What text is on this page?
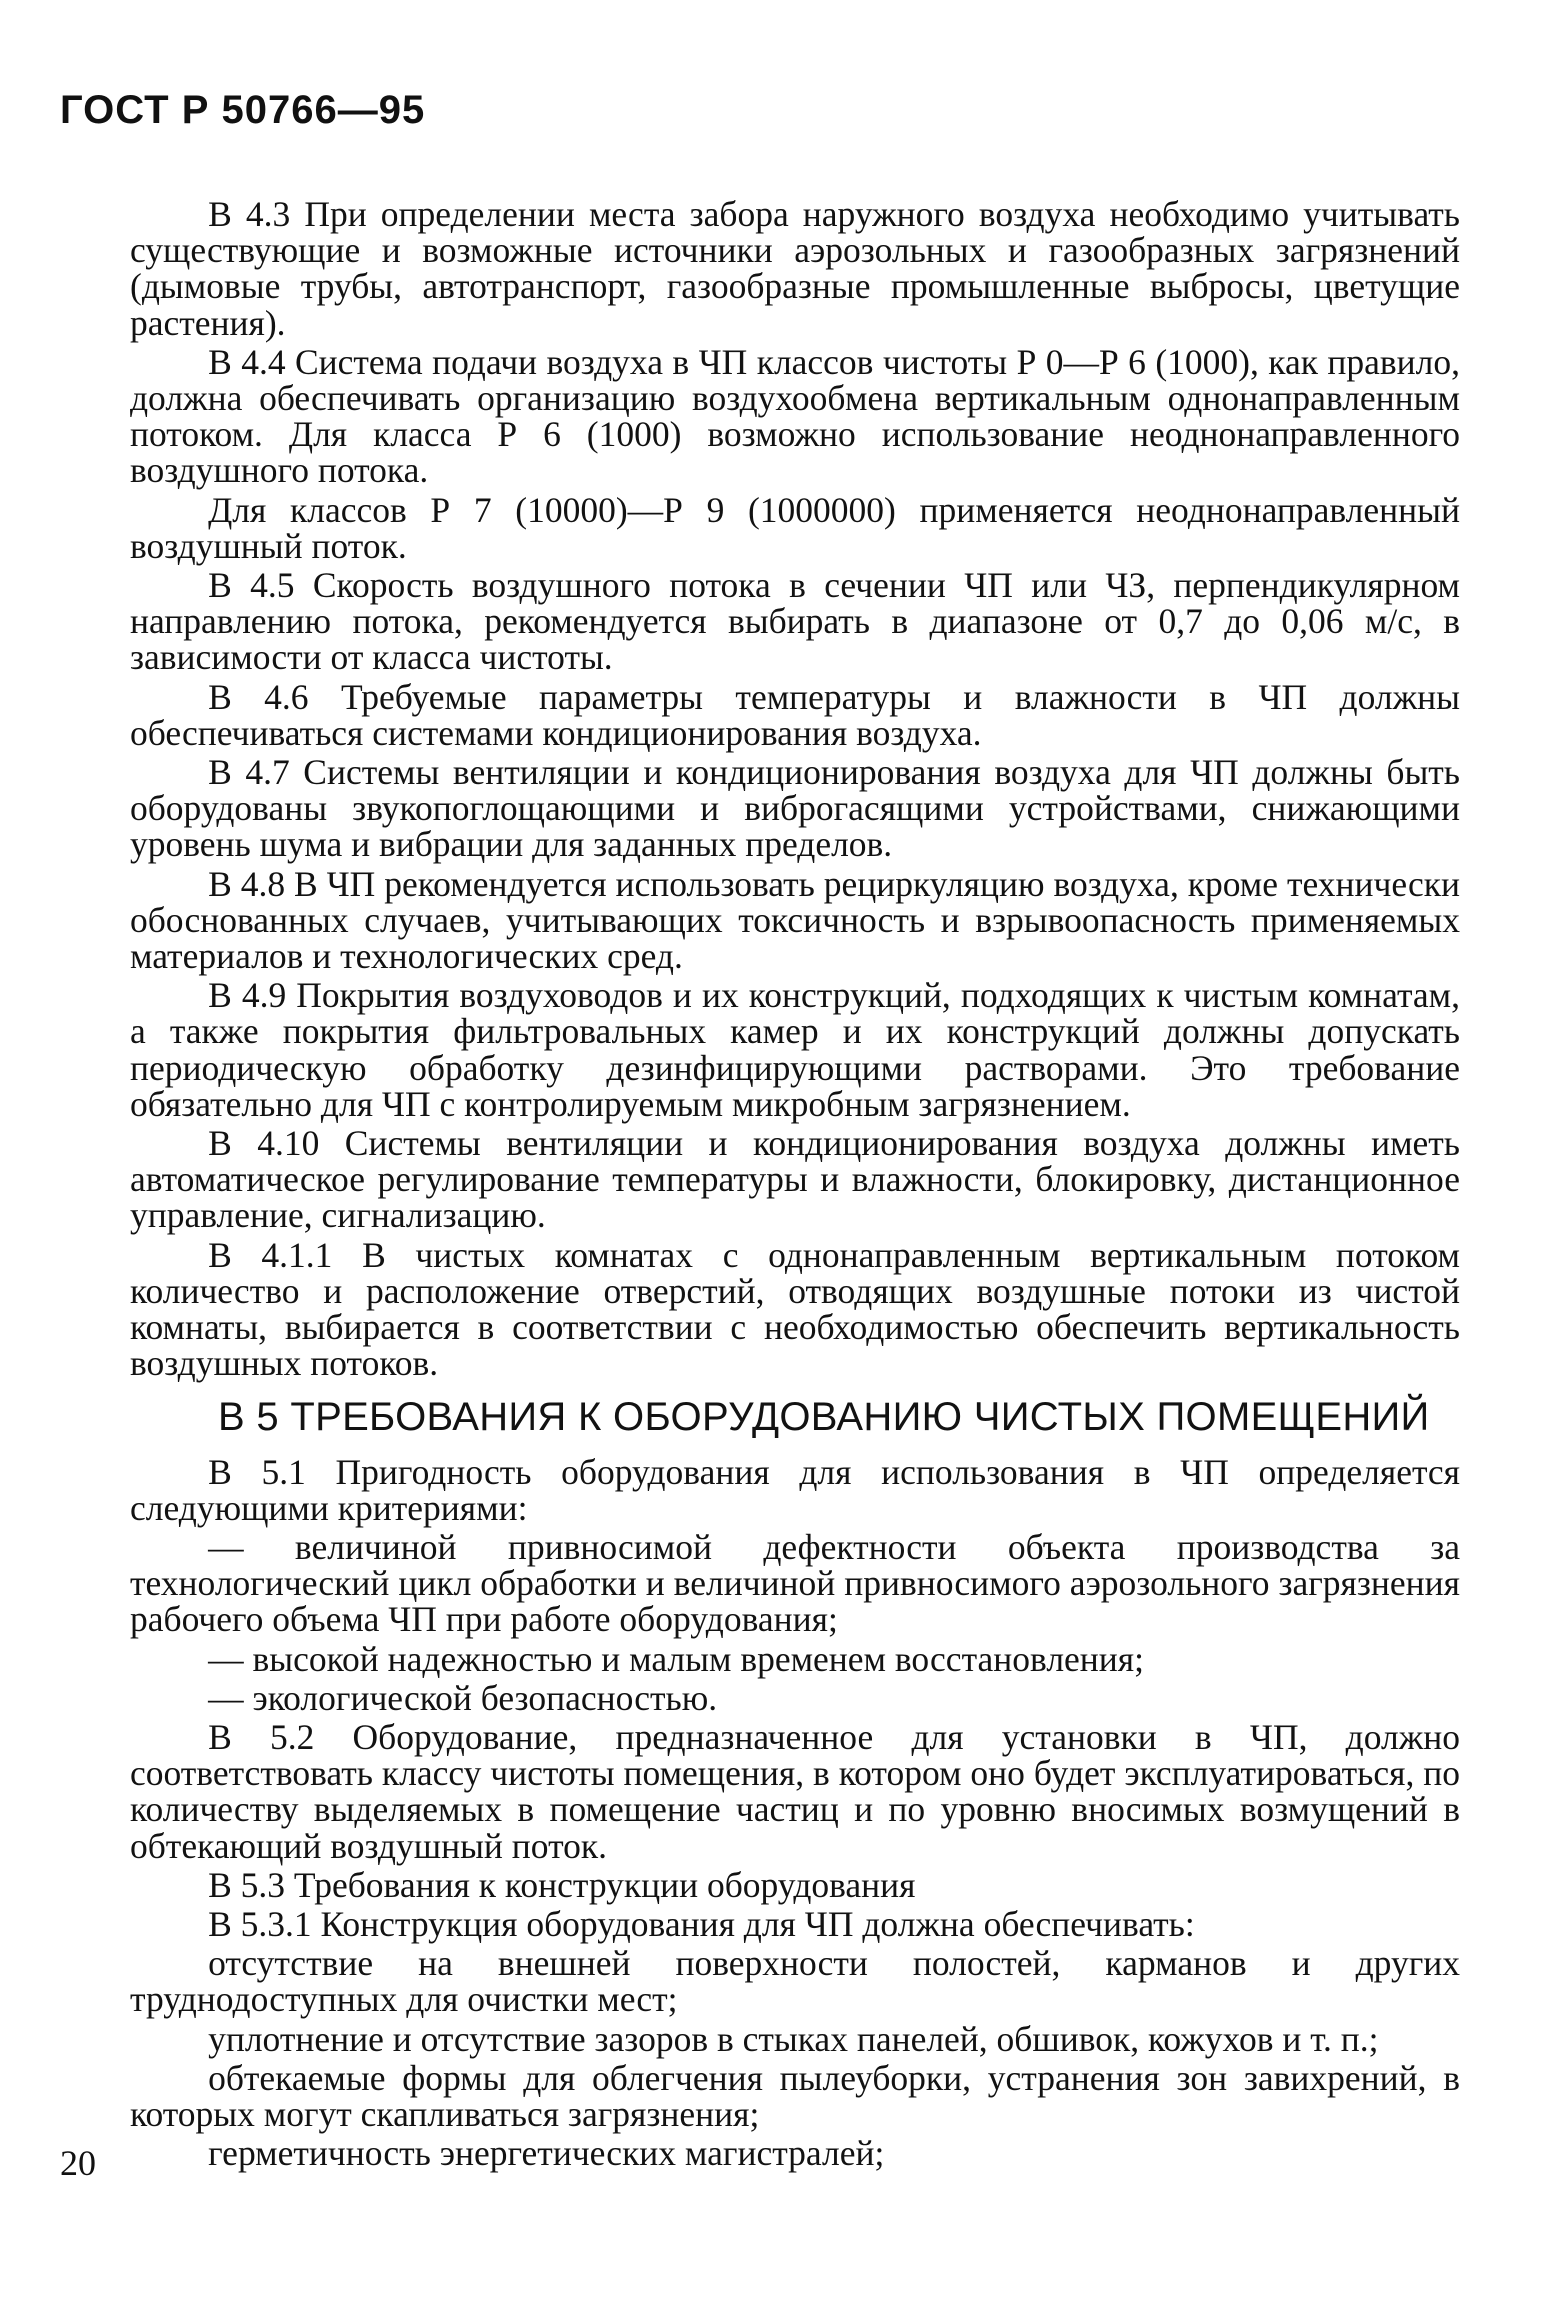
ГОСТ Р 50766—95

В 4.3 При определении места забора наружного воздуха необходимо учитывать существующие и возможные источники аэрозольных и газообразных загрязнений (дымовые трубы, автотранспорт, газообразные промышленные выбросы, цветущие растения).

В 4.4 Система подачи воздуха в ЧП классов чистоты Р 0—Р 6 (1000), как правило, должна обеспечивать организацию воздухообмена вертикальным однонаправленным потоком. Для класса Р 6 (1000) возможно использование неоднонаправленного воздушного потока.

Для классов Р 7 (10000)—Р 9 (1000000) применяется неоднонаправленный воздушный поток.

В 4.5 Скорость воздушного потока в сечении ЧП или ЧЗ, перпендикулярном направлению потока, рекомендуется выбирать в диапазоне от 0,7 до 0,06 м/с, в зависимости от класса чистоты.

В 4.6 Требуемые параметры температуры и влажности в ЧП должны обеспечиваться системами кондиционирования воздуха.

В 4.7 Системы вентиляции и кондиционирования воздуха для ЧП должны быть оборудованы звукопоглощающими и виброгасящими устройствами, снижающими уровень шума и вибрации для заданных пределов.

В 4.8 В ЧП рекомендуется использовать рециркуляцию воздуха, кроме технически обоснованных случаев, учитывающих токсичность и взрывоопасность применяемых материалов и технологических сред.

В 4.9 Покрытия воздуховодов и их конструкций, подходящих к чистым комнатам, а также покрытия фильтровальных камер и их конструкций должны допускать периодическую обработку дезинфицирующими растворами. Это требование обязательно для ЧП с контролируемым микробным загрязнением.

В 4.10 Системы вентиляции и кондиционирования воздуха должны иметь автоматическое регулирование температуры и влажности, блокировку, дистанционное управление, сигнализацию.

В 4.1.1 В чистых комнатах с однонаправленным вертикальным потоком количество и расположение отверстий, отводящих воздушные потоки из чистой комнаты, выбирается в соответствии с необходимостью обеспечить вертикальность воздушных потоков.

В 5 ТРЕБОВАНИЯ К ОБОРУДОВАНИЮ ЧИСТЫХ ПОМЕЩЕНИЙ

В 5.1 Пригодность оборудования для использования в ЧП определяется следующими критериями:

— величиной привносимой дефектности объекта производства за технологический цикл обработки и величиной привносимого аэрозольного загрязнения рабочего объема ЧП при работе оборудования;

— высокой надежностью и малым временем восстановления;

— экологической безопасностью.

В 5.2 Оборудование, предназначенное для установки в ЧП, должно соответствовать классу чистоты помещения, в котором оно будет эксплуатироваться, по количеству выделяемых в помещение частиц и по уровню вносимых возмущений в обтекающий воздушный поток.

В 5.3 Требования к конструкции оборудования

В 5.3.1 Конструкция оборудования для ЧП должна обеспечивать:

отсутствие на внешней поверхности полостей, карманов и других труднодоступных для очистки мест;

уплотнение и отсутствие зазоров в стыках панелей, обшивок, кожухов и т. п.;

обтекаемые формы для облегчения пылеуборки, устранения зон завихрений, в которых могут скапливаться загрязнения;

герметичность энергетических магистралей;

20
